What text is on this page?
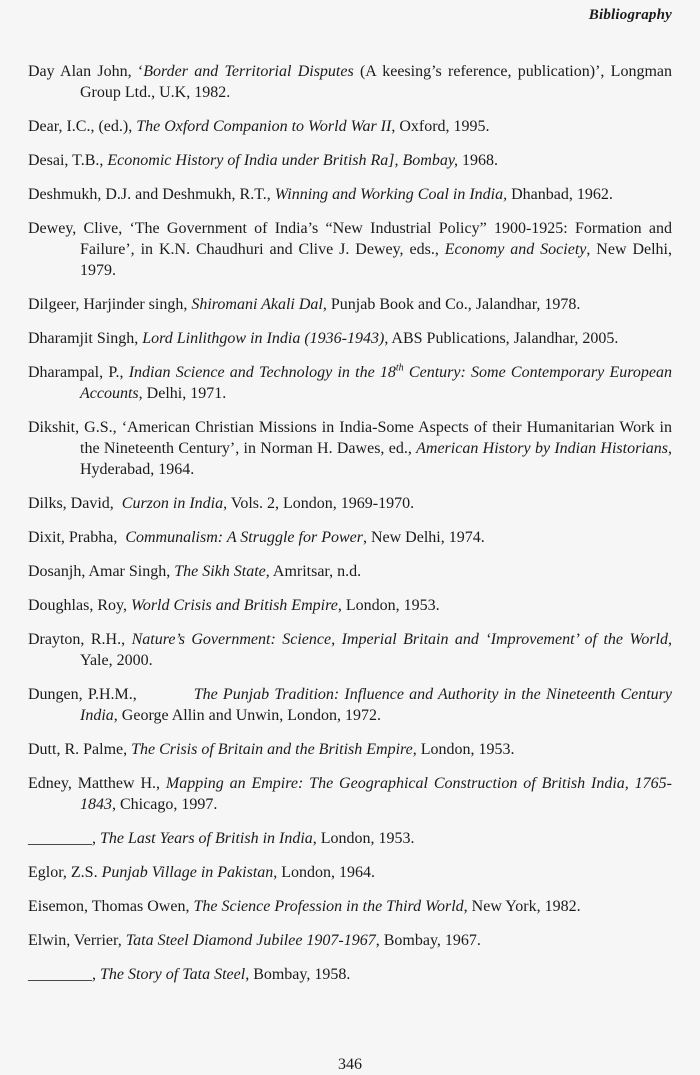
Bibliography

Day Alan John, ‘Border and Territorial Disputes (A keesing’s reference, publication)’, Longman Group Ltd., U.K, 1982.

Dear, I.C., (ed.), The Oxford Companion to World War II, Oxford, 1995.

Desai, T.B., Economic History of India under British Ra], Bombay, 1968.

Deshmukh, D.J. and Deshmukh, R.T., Winning and Working Coal in India, Dhanbad, 1962.

Dewey, Clive, ‘The Government of India’s “New Industrial Policy” 1900-1925: Formation and Failure’, in K.N. Chaudhuri and Clive J. Dewey, eds., Economy and Society, New Delhi, 1979.

Dilgeer, Harjinder singh, Shiromani Akali Dal, Punjab Book and Co., Jalandhar, 1978.

Dharamjit Singh, Lord Linlithgow in India (1936-1943), ABS Publications, Jalandhar, 2005.

Dharampal, P., Indian Science and Technology in the 18th Century: Some Contemporary European Accounts, Delhi, 1971.

Dikshit, G.S., ‘American Christian Missions in India-Some Aspects of their Humanitarian Work in the Nineteenth Century’, in Norman H. Dawes, ed., American History by Indian Historians, Hyderabad, 1964.

Dilks, David,  Curzon in India, Vols. 2, London, 1969-1970.

Dixit, Prabha,  Communalism: A Struggle for Power, New Delhi, 1974.

Dosanjh, Amar Singh, The Sikh State, Amritsar, n.d.

Doughlas, Roy, World Crisis and British Empire, London, 1953.

Drayton, R.H., Nature’s Government: Science, Imperial Britain and ‘Improvement’ of the World, Yale, 2000.

Dungen, P.H.M.,           The Punjab Tradition: Influence and Authority in the Nineteenth Century India, George Allin and Unwin, London, 1972.

Dutt, R. Palme, The Crisis of Britain and the British Empire, London, 1953.

Edney, Matthew H., Mapping an Empire: The Geographical Construction of British India, 1765-1843, Chicago, 1997.

________, The Last Years of British in India, London, 1953.

Eglor, Z.S. Punjab Village in Pakistan, London, 1964.

Eisemon, Thomas Owen, The Science Profession in the Third World, New York, 1982.

Elwin, Verrier, Tata Steel Diamond Jubilee 1907-1967, Bombay, 1967.

________, The Story of Tata Steel, Bombay, 1958.

346
